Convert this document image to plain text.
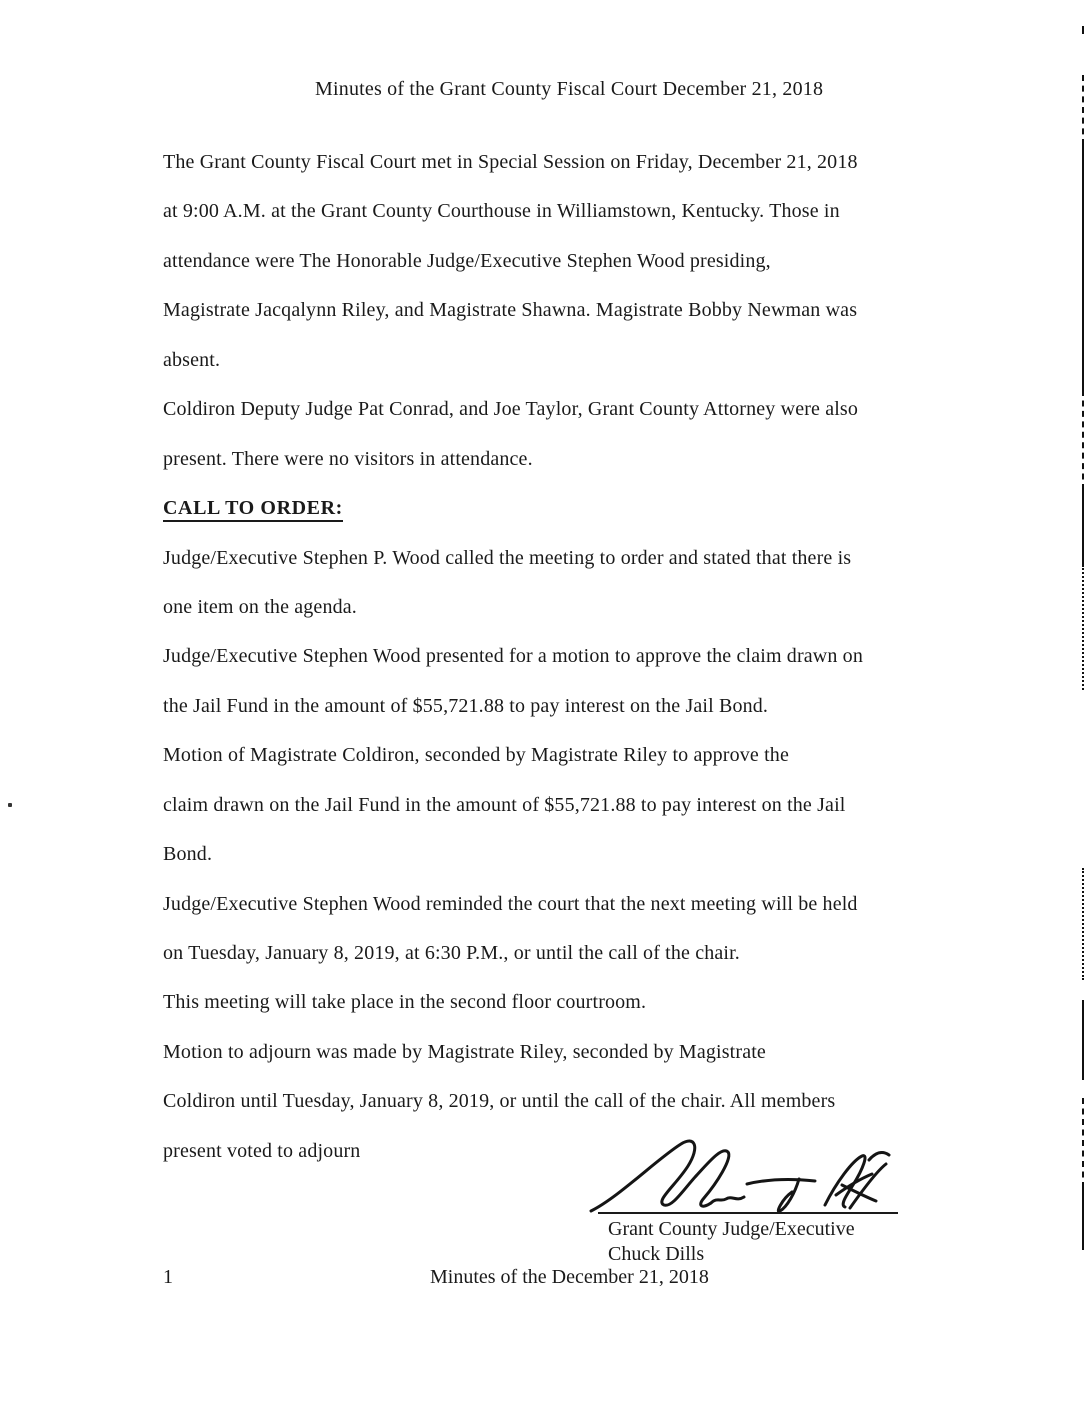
Minutes of the Grant County Fiscal Court December 21, 2018
The Grant County Fiscal Court met in Special Session on Friday, December 21, 2018
at 9:00 A.M. at the Grant County Courthouse in Williamstown, Kentucky. Those in
attendance were The Honorable Judge/Executive Stephen Wood presiding,
Magistrate Jacqalynn Riley, and Magistrate Shawna. Magistrate Bobby Newman was
absent.
Coldiron Deputy Judge Pat Conrad, and Joe Taylor, Grant County Attorney were also
present. There were no visitors in attendance.
CALL TO ORDER:
Judge/Executive Stephen P. Wood called the meeting to order and stated that there is
one item on the agenda.
Judge/Executive Stephen Wood presented for a motion to approve the claim drawn on
the Jail Fund in the amount of $55,721.88 to pay interest on the Jail Bond.
Motion of Magistrate Coldiron, seconded by Magistrate Riley to approve the
claim drawn on the Jail Fund in the amount of $55,721.88 to pay interest on the Jail
Bond.
Judge/Executive Stephen Wood reminded the court that the next meeting will be held
on Tuesday, January 8, 2019, at 6:30 P.M., or until the call of the chair.
This meeting will take place in the second floor courtroom.
Motion to adjourn was made by Magistrate Riley, seconded by Magistrate
Coldiron until Tuesday, January 8, 2019, or until the call of the chair. All members
present voted to adjourn
Grant County Judge/Executive
Chuck Dills
1	Minutes of the December 21, 2018
